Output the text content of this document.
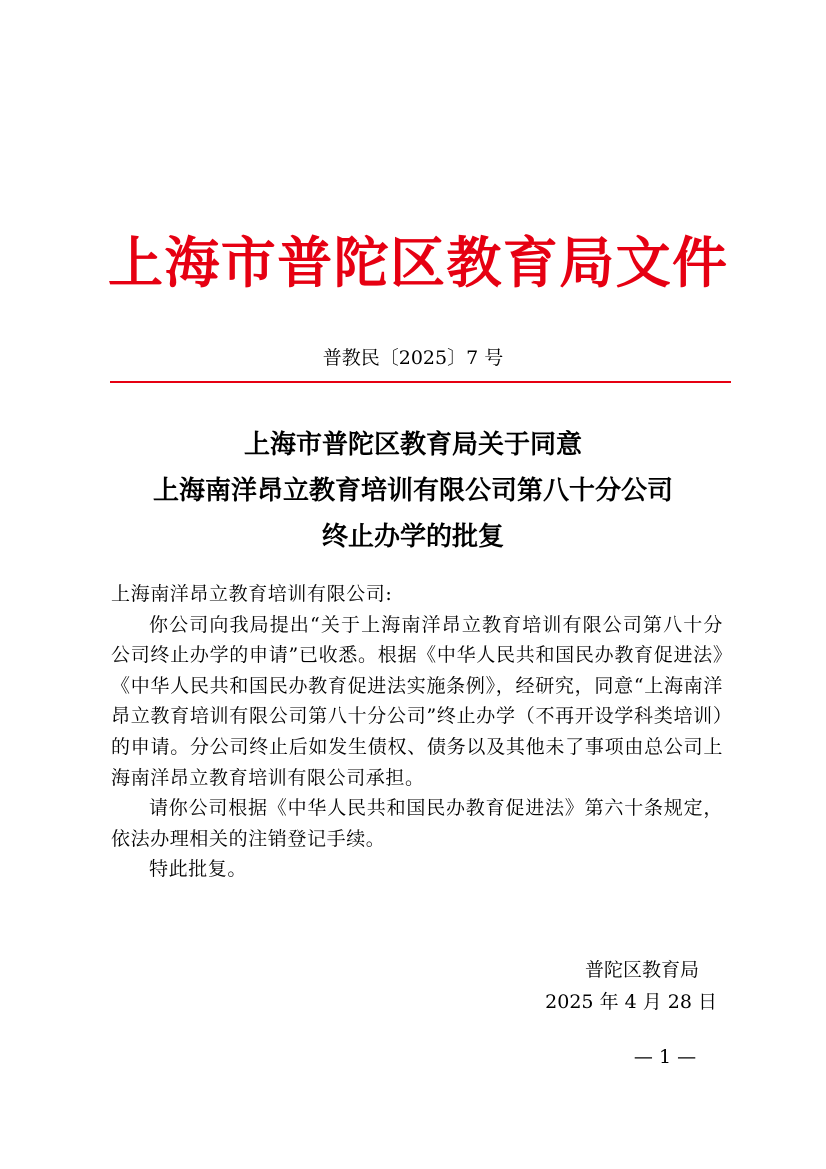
上海市普陀区教育局文件
普教民〔2025〕7 号
上海市普陀区教育局关于同意
上海南洋昂立教育培训有限公司第八十分公司
终止办学的批复

上海南洋昂立教育培训有限公司:

你公司向我局提出“关于上海南洋昂立教育培训有限公司第八十分公司终止办学的申请”已收悉。根据《中华人民共和国民办教育促进法》《中华人民共和国民办教育促进法实施条例》，经研究，同意“上海南洋昂立教育培训有限公司第八十分公司”终止办学（不再开设学科类培训）的申请。分公司终止后如发生债权、债务以及其他未了事项由总公司上海南洋昂立教育培训有限公司承担。

请你公司根据《中华人民共和国民办教育促进法》第六十条规定，依法办理相关的注销登记手续。

特此批复。

普陀区教育局
2025 年 4 月 28 日
— 1 —
